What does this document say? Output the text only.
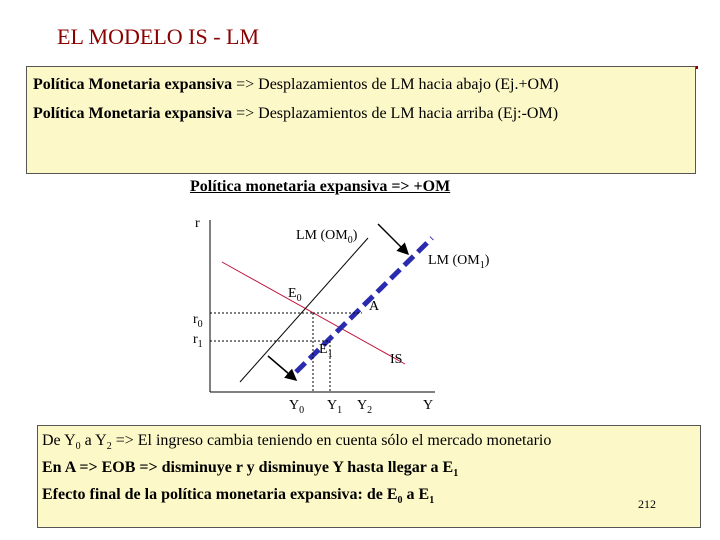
EL MODELO IS - LM
Política Monetaria expansiva => Desplazamientos de LM hacia abajo (Ej.+OM)
Política Monetaria expansiva => Desplazamientos de LM hacia arriba (Ej:-OM)
Política monetaria expansiva => +OM
r
Y
$r_0$
$r_1$
$Y_0$ $Y_1$ $Y_2$
LM $(OM_0)$
LM $(OM_1)$
$E_0$
$E_1$
A
IS
De $Y_0$ a $Y_2 => El$ ingreso cambia teniendo en cuenta sólo el mercado monetario
En A => EOB => disminuye r y disminuye Y hasta llegar a $E_1$
Efecto final de la política monetaria expansiva: de $E_0$ a $E_1$	212
